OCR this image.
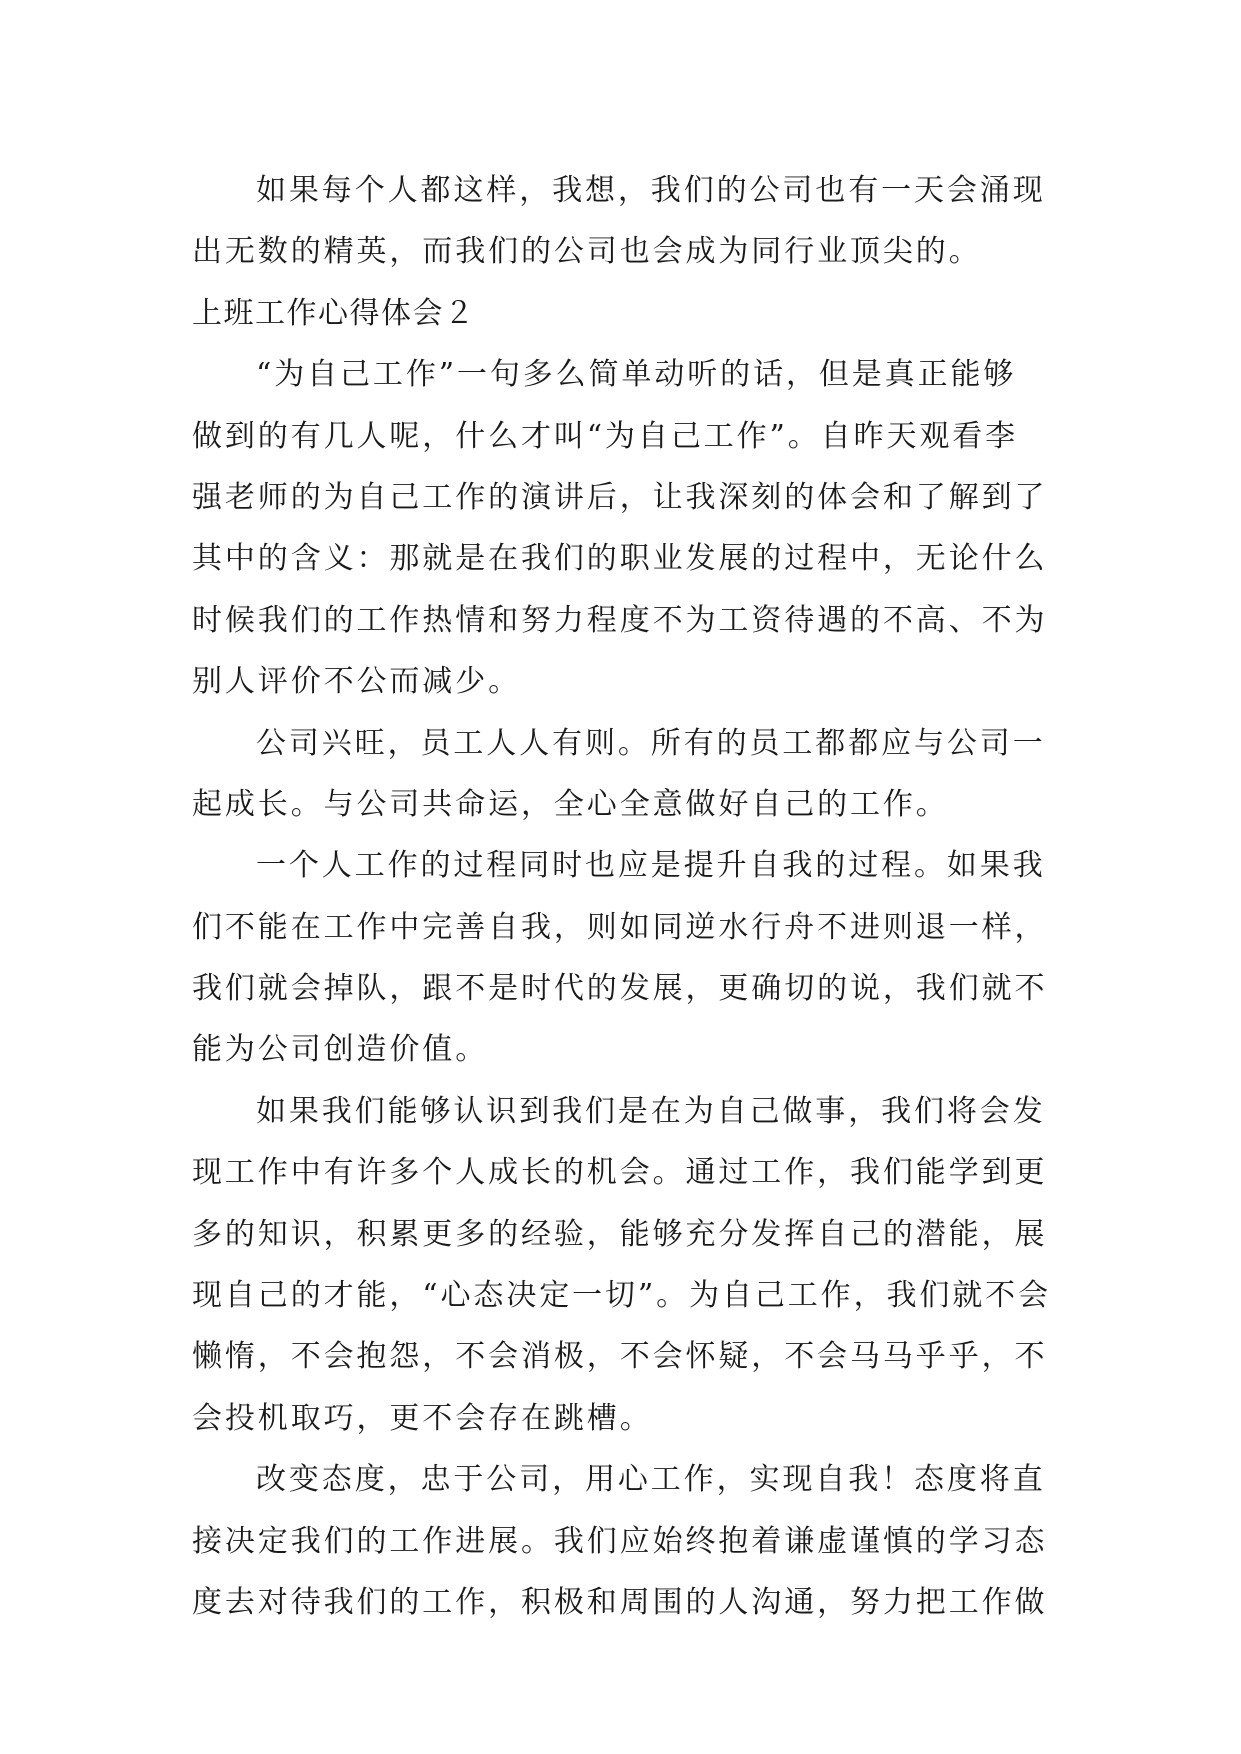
如果每个人都这样，我想，我们的公司也有一天会涌现

出无数的精英，而我们的公司也会成为同行业顶尖的。

上班工作心得体会２

“为自己工作”一句多么简单动听的话，但是真正能够

做到的有几人呢，什么才叫“为自己工作”。自昨天观看李

强老师的为自己工作的演讲后，让我深刻的体会和了解到了

其中的含义：那就是在我们的职业发展的过程中，无论什么

时候我们的工作热情和努力程度不为工资待遇的不高、不为

别人评价不公而减少。

公司兴旺，员工人人有则。所有的员工都都应与公司一

起成长。与公司共命运，全心全意做好自己的工作。

一个人工作的过程同时也应是提升自我的过程。如果我

们不能在工作中完善自我，则如同逆水行舟不进则退一样，

我们就会掉队，跟不是时代的发展，更确切的说，我们就不

能为公司创造价值。

如果我们能够认识到我们是在为自己做事，我们将会发

现工作中有许多个人成长的机会。通过工作，我们能学到更

多的知识，积累更多的经验，能够充分发挥自己的潜能，展

现自己的才能，“心态决定一切”。为自己工作，我们就不会

懒惰，不会抱怨，不会消极，不会怀疑，不会马马乎乎，不

会投机取巧，更不会存在跳槽。

改变态度，忠于公司，用心工作，实现自我！态度将直

接决定我们的工作进展。我们应始终抱着谦虚谨慎的学习态

度去对待我们的工作，积极和周围的人沟通，努力把工作做
